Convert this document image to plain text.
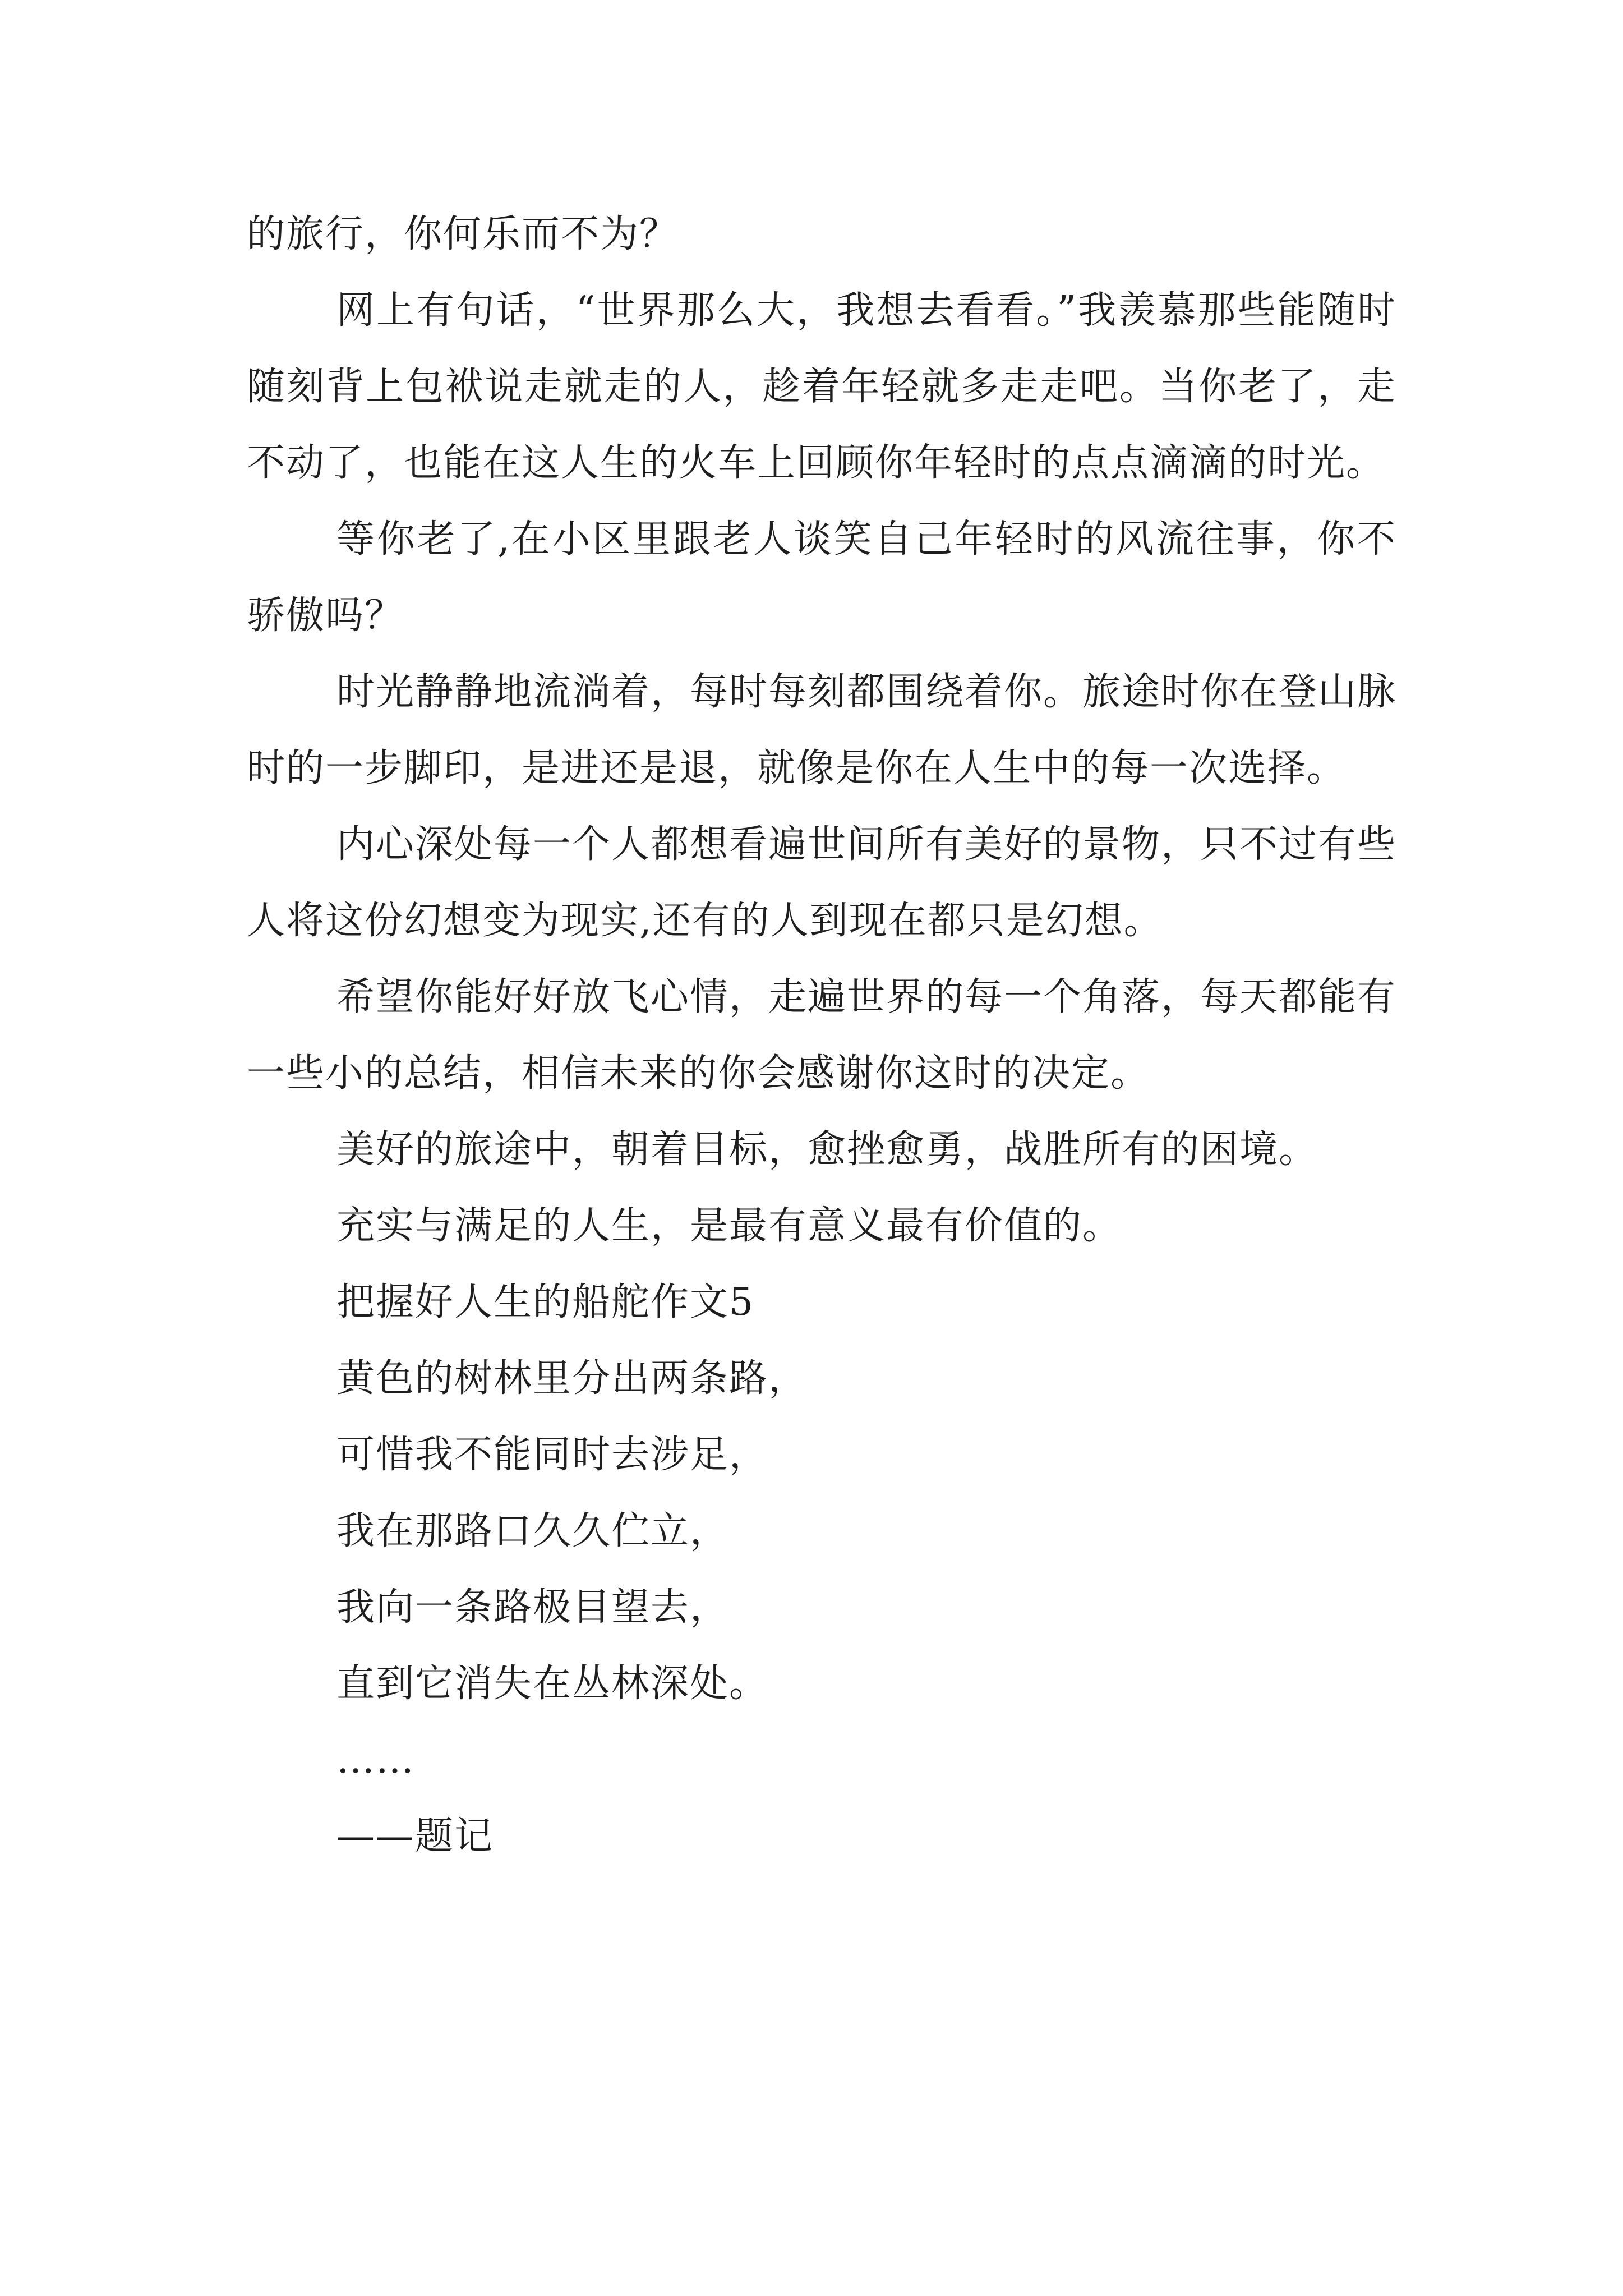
的旅行，你何乐而不为？

网上有句话，“世界那么大，我想去看看。”我羡慕那些能随时随刻背上包袱说走就走的人，趁着年轻就多走走吧。当你老了，走不动了，也能在这人生的火车上回顾你年轻时的点点滴滴的时光。

等你老了,在小区里跟老人谈笑自己年轻时的风流往事，你不骄傲吗？

时光静静地流淌着，每时每刻都围绕着你。旅途时你在登山脉时的一步脚印，是进还是退，就像是你在人生中的每一次选择。

内心深处每一个人都想看遍世间所有美好的景物，只不过有些人将这份幻想变为现实,还有的人到现在都只是幻想。

希望你能好好放飞心情，走遍世界的每一个角落，每天都能有一些小的总结，相信未来的你会感谢你这时的决定。

美好的旅途中，朝着目标，愈挫愈勇，战胜所有的困境。

充实与满足的人生，是最有意义最有价值的。

把握好人生的船舵作文5

黄色的树林里分出两条路，

可惜我不能同时去涉足，

我在那路口久久伫立，

我向一条路极目望去，

直到它消失在丛林深处。

……

——题记
